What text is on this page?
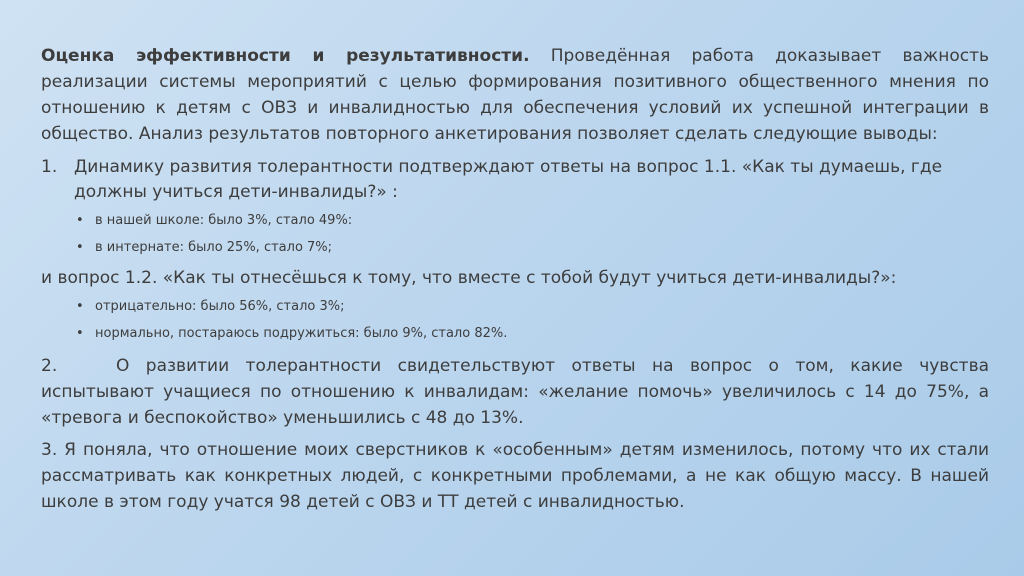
Оценка эффективности и результативности. Проведённая работа доказывает важность реализации системы мероприятий с целью формирования позитивного общественного мнения по отношению к детям с ОВЗ и инвалидностью для обеспечения условий их успешной интеграции в общество. Анализ результатов повторного анкетирования позволяет сделать следующие выводы:

1. Динамику развития толерантности подтверждают ответы на вопрос 1.1. «Как ты думаешь, где должны учиться дети-инвалиды?» :
• в нашей школе: было 3%, стало 49%:
• в интернате: было 25%, стало 7%;

и вопрос 1.2. «Как ты отнесёшься к тому, что вместе с тобой будут учиться дети-инвалиды?»:

• отрицательно: было 56%, стало 3%;
• нормально, постараюсь подружиться: было 9%, стало 82%.

2.	О развитии толерантности свидетельствуют ответы на вопрос о том, какие чувства испытывают учащиеся по отношению к инвалидам: «желание помочь» увеличилось с 14 до 75%, а «тревога и беспокойство» уменьшились с 48 до 13%.

3. Я поняла, что отношение моих сверстников к «особенным» детям изменилось, потому что их стали рассматривать как конкретных людей, с конкретными проблемами, а не как общую массу. В нашей школе в этом году учатся 98 детей с ОВЗ и ТТ детей с инвалидностью.
